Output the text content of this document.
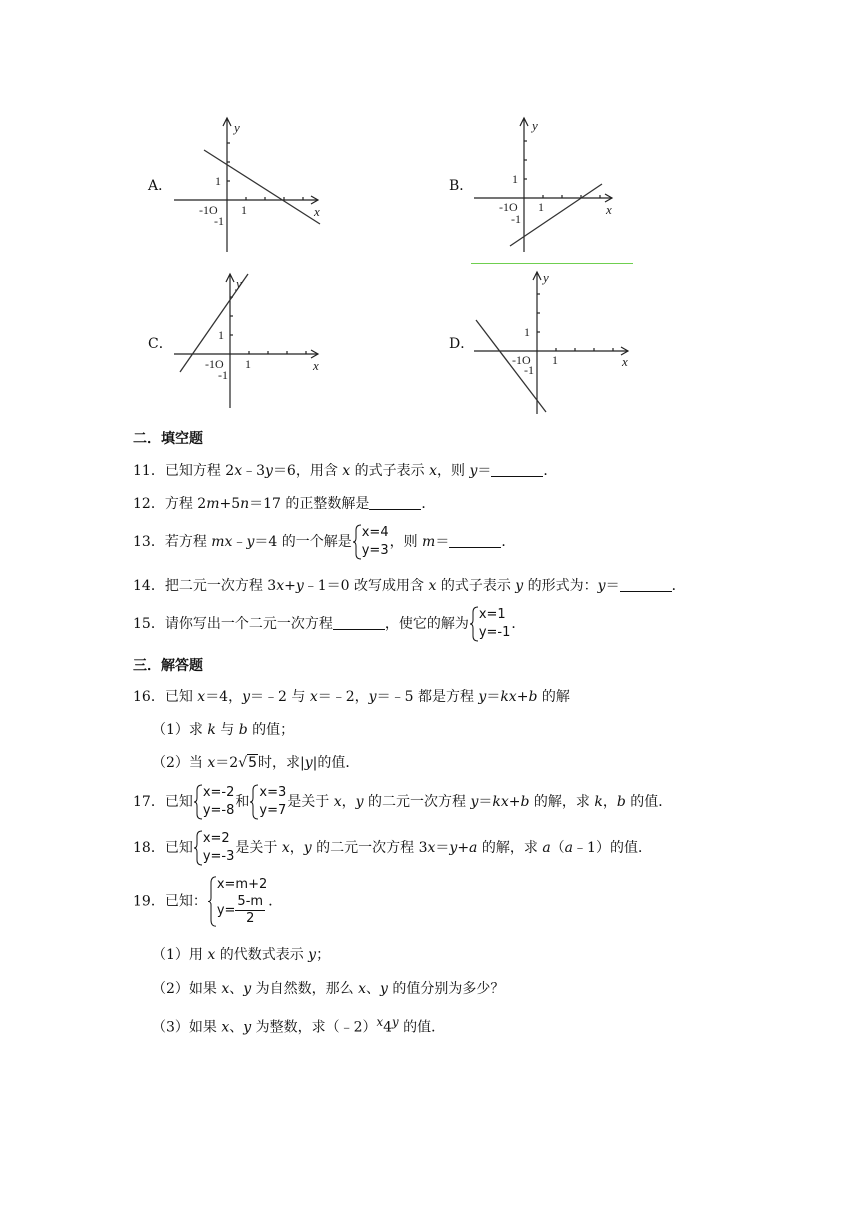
A．
y
x
1
-1O 1
-1
B．
y
x
1
-1O 1
-1
C．
y
x
1
-1O 1
-1
D．
y
x
1
-1O 1
-1
二．填空题
11．已知方程 2x﹣3y＝6，用含 x 的式子表示 x，则 y＝	．
12．方程 2m+5n＝17 的正整数解是	．
13．若方程 mx﹣y＝4 的一个解是
x=4
y=3
，则 m＝	．
14．把二元一次方程 3x+y﹣1＝0 改写成用含 x 的式子表示 y 的形式为：y＝	．
15．请你写出一个二元一次方程	，使它的解为
x=1
y=-1
．
三．解答题
16．已知 x＝4，y＝﹣2 与 x＝﹣2，y＝﹣5 都是方程 y＝kx+b 的解
（1）求 k 与 b 的值；
（2）当 x＝2√5时，求|y|的值．
17．已知
x=-2
y=-8
和
x=3
y=7
是关于 x，y 的二元一次方程 y＝kx+b 的解，求 k，b 的值．
18．已知
x=2
y=-3
是关于 x，y 的二元一次方程 3x＝y+a 的解，求 a（a﹣1）的值．
19．已知：
x=m+2
$y= \frac{5-m}{2}$ ．
（1）用 x 的代数式表示 y；
（2）如果 x、y 为自然数，那么 x、y 的值分别为多少？
（3）如果 x、y 为整数，求（﹣2）$^x$4$^y$ 的值．
